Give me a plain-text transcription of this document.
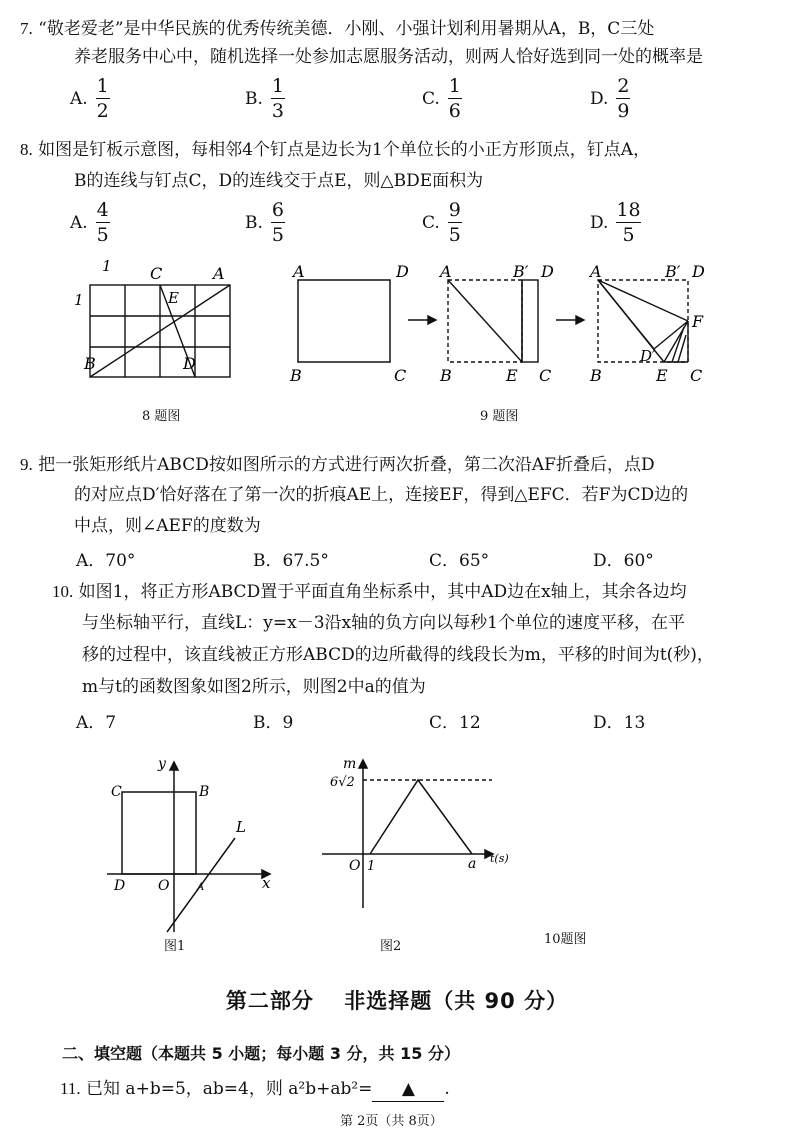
7. “敬老爱老”是中华民族的优秀传统美德．小刚、小强计划利用暑期从A，B，C三处
养老服务中心中，随机选择一处参加志愿服务活动，则两人恰好选到同一处的概率是
A. $\frac{1}{2}$	B. $\frac{1}{3}$	C. $\frac{1}{6}$	D. $\frac{2}{9}$
8. 如图是钉板示意图，每相邻4个钉点是边长为1个单位长的小正方形顶点，钉点A，
B的连线与钉点C，D的连线交于点E，则△BDE面积为
A. $\frac{4}{5}$	B. $\frac{6}{5}$	C. $\frac{9}{5}$	D. $\frac{18}{5}$
1
1
C	A
E
B	D
A	D
B	C
A	B′ D
B	E C
A	B′ D
F
D′
B	E C
8 题图	9 题图
9. 把一张矩形纸片ABCD按如图所示的方式进行两次折叠，第二次沿AF折叠后，点D
的对应点D′恰好落在了第一次的折痕AE上，连接EF，得到△EFC．若F为CD边的
中点，则∠AEF的度数为
A．70°	B．67.5°	C．65°	D．60°
10. 如图1，将正方形ABCD置于平面直角坐标系中，其中AD边在x轴上，其余各边均
与坐标轴平行，直线L：y=x－3沿x轴的负方向以每秒1个单位的速度平移，在平
移的过程中，该直线被正方形ABCD的边所截得的线段长为m，平移的时间为t(秒)，
m与t的函数图象如图2所示，则图2中a的值为
A．7	B．9	C．12	D．13
y
x
C	B
D O	A
L
m
6√2
O 1	a t(s)
图1	图2	10题图
第二部分　 非选择题（共 90 分）
二、填空题（本题共 5 小题；每小题 3 分，共 15 分）
11. 已知 a+b=5，ab=4，则 a²b+ab²= ▲ .
第 2页（共 8页）
